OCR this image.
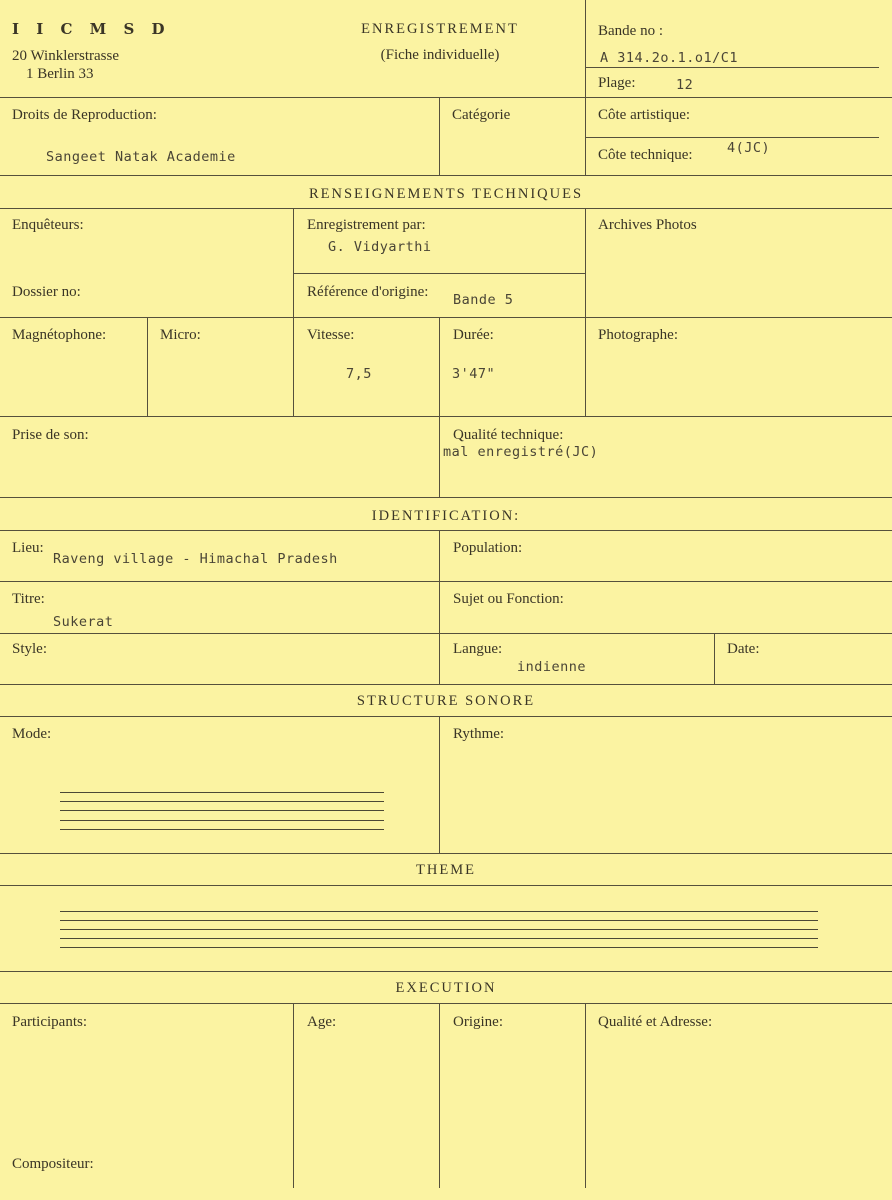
I I C M S D
20 Winklerstrasse
1 Berlin 33
ENREGISTREMENT
(Fiche individuelle)
Bande no :
A 314.2o.1.o1/C1
Plage:	12
Droits de Reproduction:
Sangeet Natak Academie
Catégorie	Côte artistique:
Côte technique:	4(JC)
RENSEIGNEMENTS TECHNIQUES
Enquêteurs:	Enregistrement par:
G. Vidyarthi
Archives Photos
Dossier no:	Référence d'origine: Bande 5
Magnétophone:	Micro:	Vitesse:
7,5
Durée:
3'47"
Photographe:
Prise de son:	Qualité technique:
mal enregistré(JC)
IDENTIFICATION:
Lieu:
Raveng village - Himachal Pradesh
Population:
Titre:
Sukerat
Sujet ou Fonction:
Style:	Langue:
indienne
Date:
STRUCTURE SONORE
Mode:	Rythme:
THEME
EXECUTION
Participants:	Age:	Origine:	Qualité et Adresse:
Compositeur:
